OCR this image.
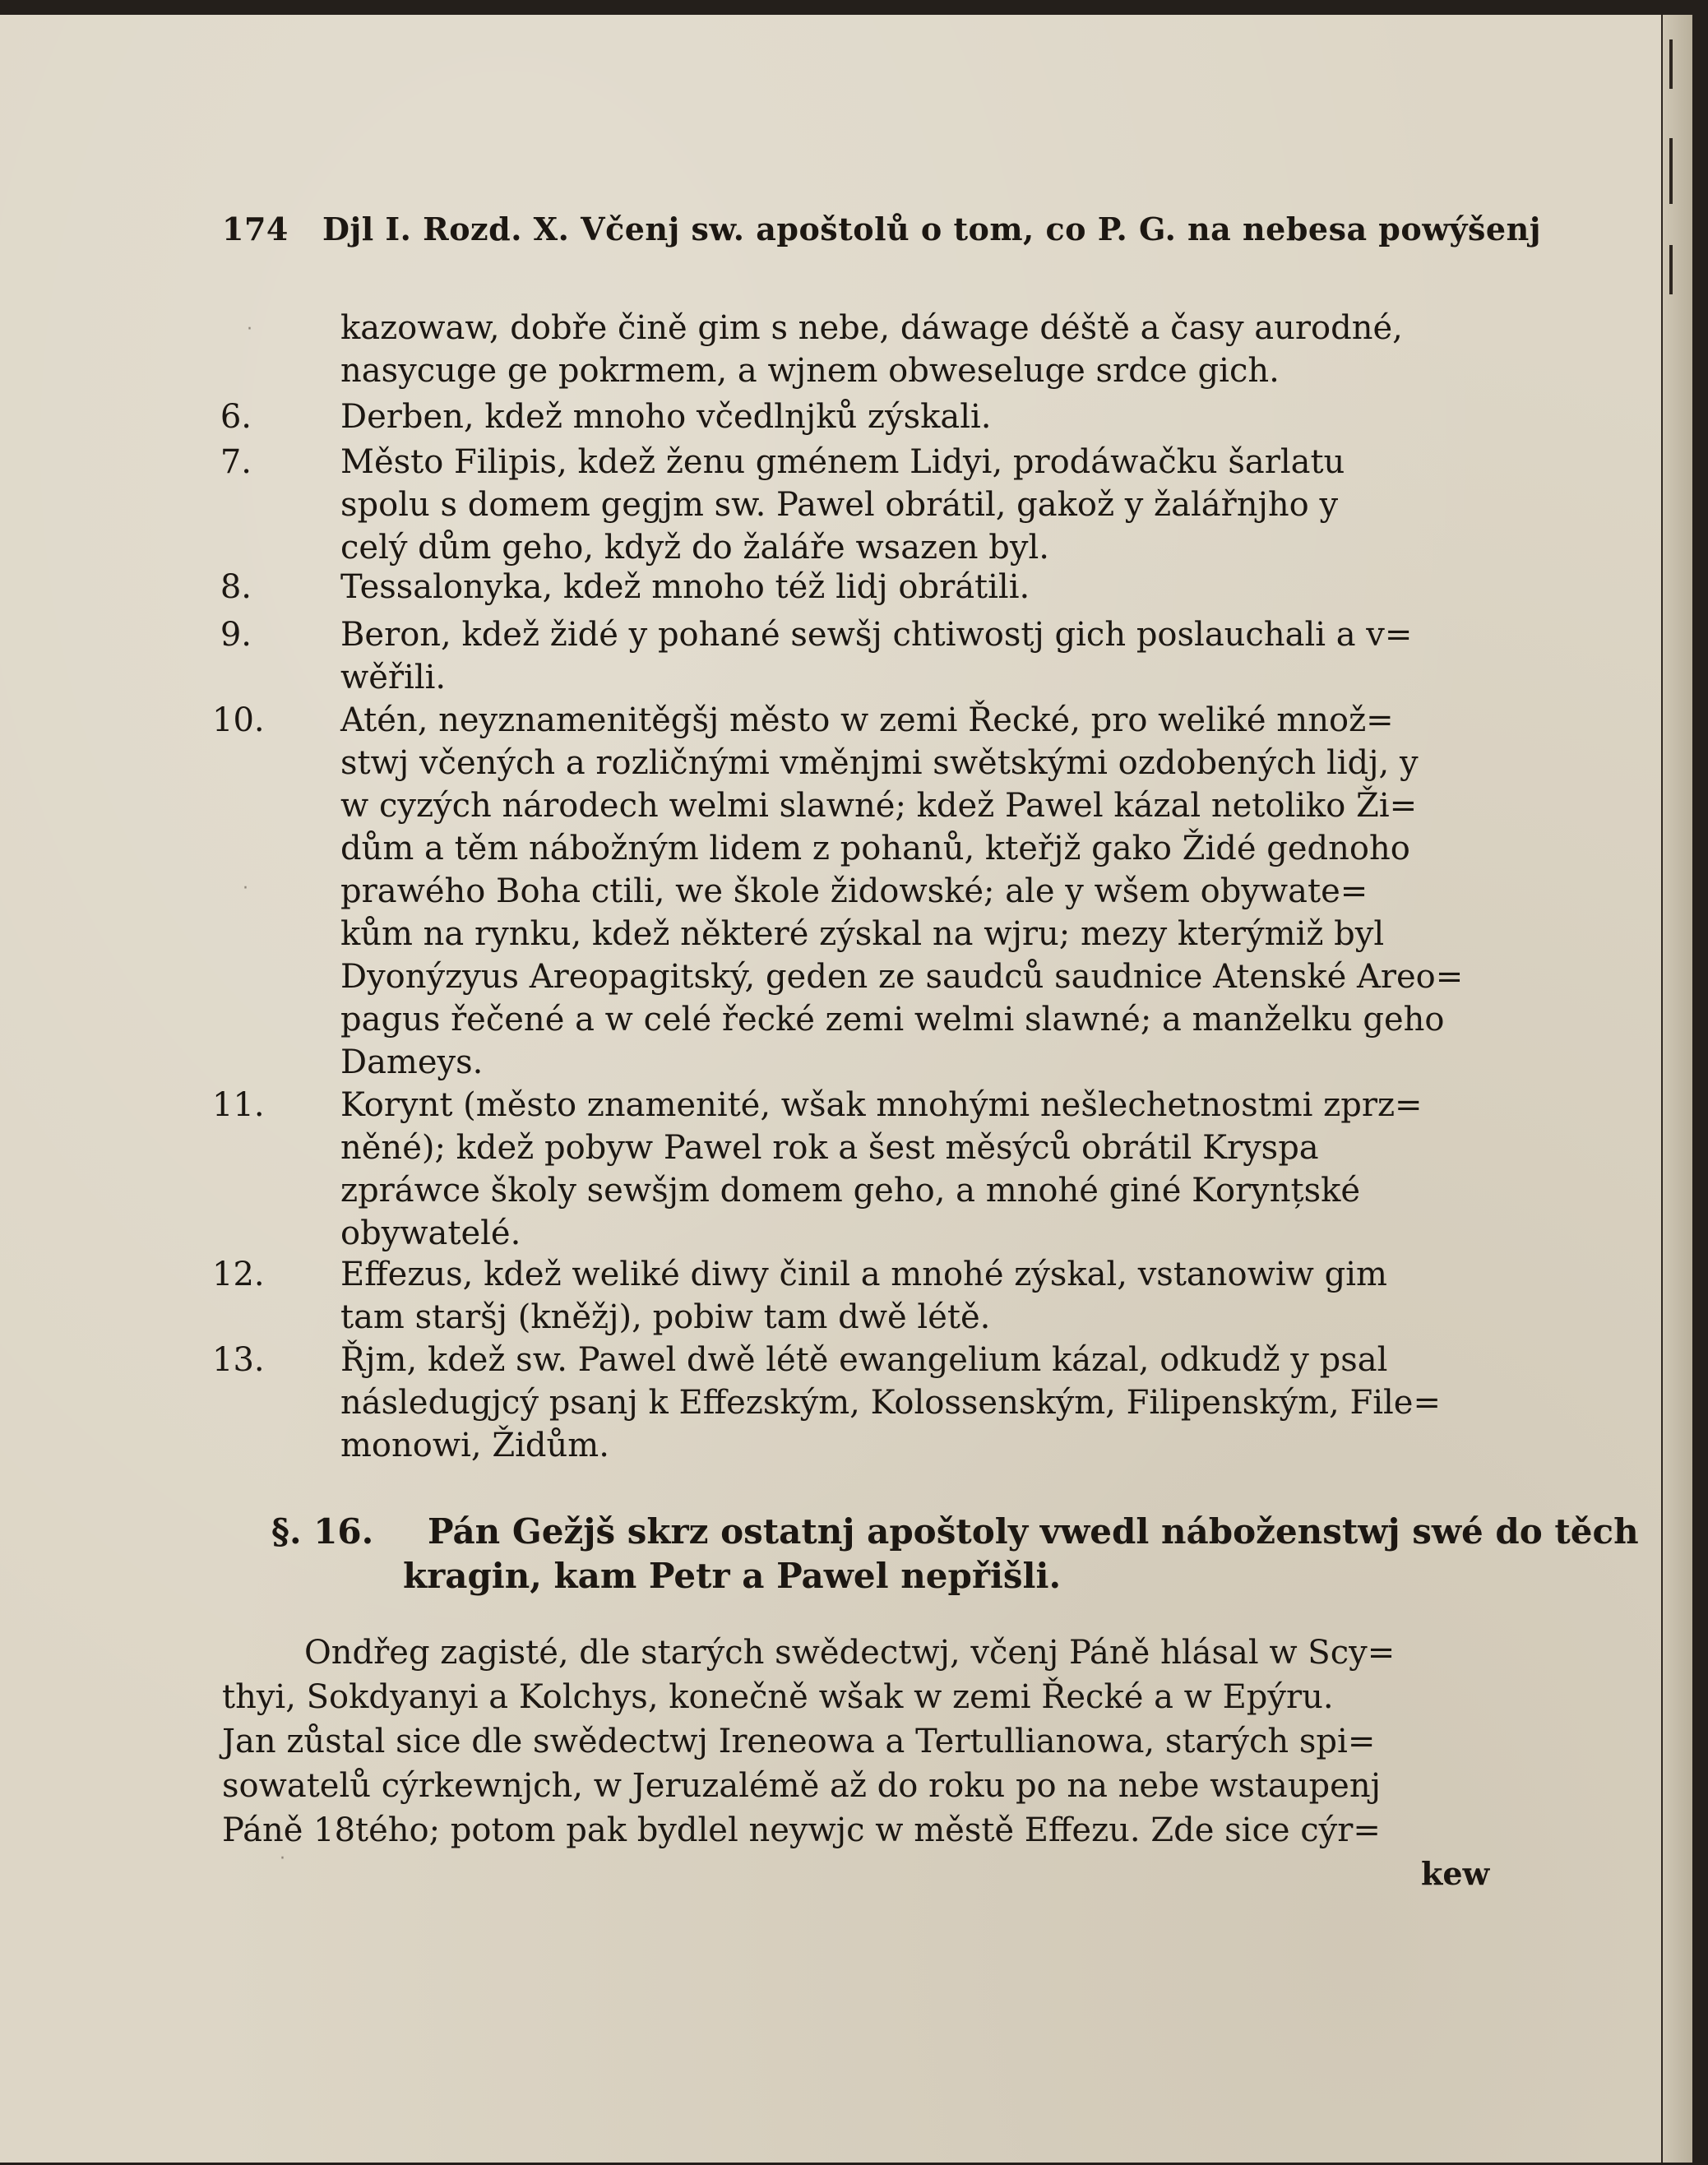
174 Djl I. Rozd. X. Včenj sw. apoštolů o tom, co P. G. na nebesa powýšenj
kazowaw, dobře čině gim s nebe, dáwage déště a časy aurodné,
nasycuge ge pokrmem, a wjnem obweseluge srdce gich.
6.	Derben, kdež mnoho včedlnjků zýskali.
7.	Město Filipis, kdež ženu gménem Lidyi, prodáwačku šarlatu
spolu s domem gegjm sw. Pawel obrátil, gakož y žalářnjho y
celý dům geho, když do žaláře wsazen byl.
8.	Tessalonyka, kdež mnoho též lidj obrátili.
9.	Beron, kdež židé y pohané sewšj chtiwostj gich poslauchali a v=
wěřili.
10.	Atén, neyznamenitěgšj město w zemi Řecké, pro weliké množ=
stwj včených a rozličnými vměnjmi swětskými ozdobených lidj, y
w cyzých národech welmi slawné; kdež Pawel kázal netoliko Ži=
dům a těm nábožným lidem z pohanů, kteřjž gako Židé gednoho
prawého Boha ctili, we škole židowské; ale y wšem obywate=
kům na rynku, kdež některé zýskal na wjru; mezy kterýmiž byl
Dyonýzyus Areopagitský, geden ze saudců saudnice Atenské Areo=
pagus řečené a w celé řecké zemi welmi slawné; a manželku geho
Dameys.
11.	Korynt (město znamenité, wšak mnohými nešlechetnostmi zprz=
něné); kdež pobyw Pawel rok a šest měsýců obrátil Kryspa
zpráwce školy sewšjm domem geho, a mnohé giné Korynțské
obywatelé.
12.	Effezus, kdež weliké diwy činil a mnohé zýskal, vstanowiw gim
tam staršj (kněžj), pobiw tam dwě létě.
13.	Řjm, kdež sw. Pawel dwě létě ewangelium kázal, odkudž y psal
následugjcý psanj k Effezským, Kolossenským, Filipenským, File=
monowi, Židům.
§. 16.	Pán Gežjš skrz ostatnj apoštoly vwedl náboženstwj swé do těch
kragin, kam Petr a Pawel nepřišli.
Ondřeg zagisté, dle starých swědectwj, včenj Páně hlásal w Scy=
thyi, Sokdyanyi a Kolchys, konečně wšak w zemi Řecké a w Epýru.
Jan zůstal sice dle swědectwj Ireneowa a Tertullianowa, starých spi=
sowatelů cýrkewnjch, w Jeruzalémě až do roku po na nebe wstaupenj
Páně 18tého; potom pak bydlel neywjc w městě Effezu. Zde sice cýr=
kew
·
·
·
